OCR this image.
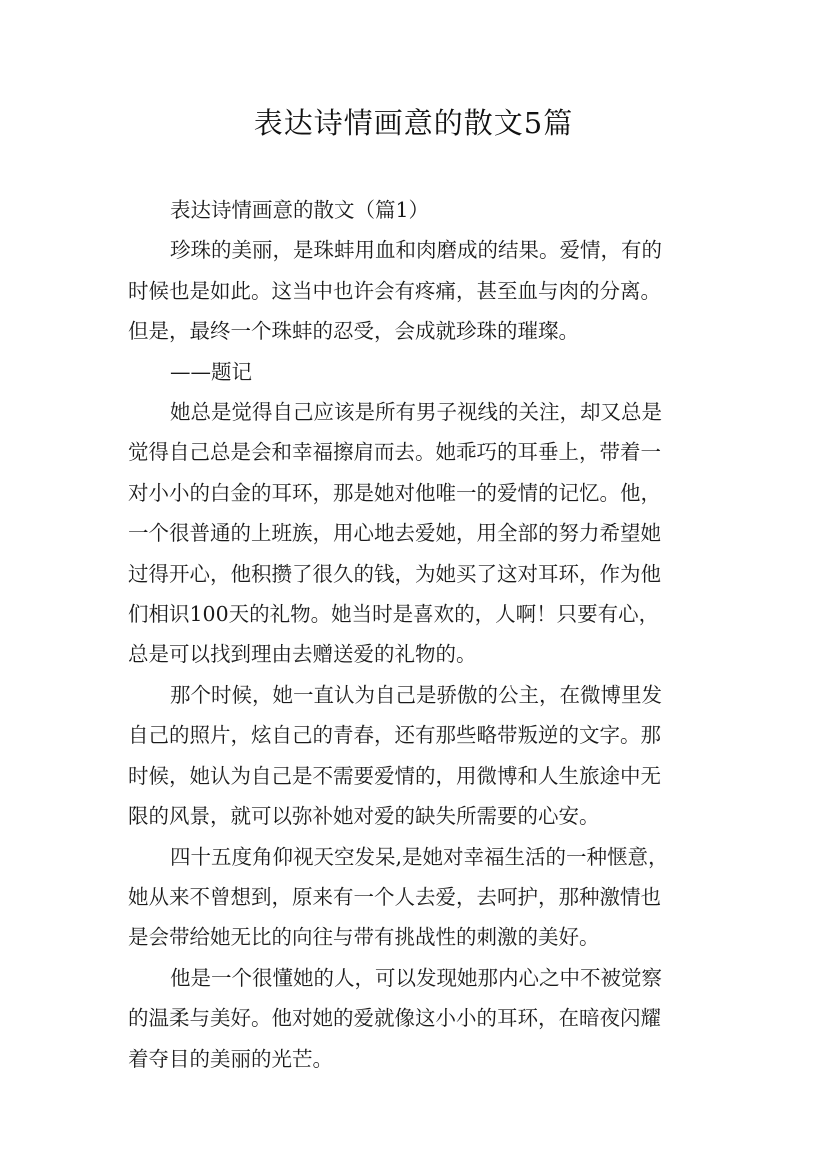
表达诗情画意的散文5篇
表达诗情画意的散文（篇1）
珍珠的美丽，是珠蚌用血和肉磨成的结果。爱情，有的
时候也是如此。这当中也许会有疼痛，甚至血与肉的分离。
但是，最终一个珠蚌的忍受，会成就珍珠的璀璨。
——题记
她总是觉得自己应该是所有男子视线的关注，却又总是
觉得自己总是会和幸福擦肩而去。她乖巧的耳垂上，带着一
对小小的白金的耳环，那是她对他唯一的爱情的记忆。他，
一个很普通的上班族，用心地去爱她，用全部的努力希望她
过得开心，他积攒了很久的钱，为她买了这对耳环，作为他
们相识100天的礼物。她当时是喜欢的，人啊！只要有心，
总是可以找到理由去赠送爱的礼物的。
那个时候，她一直认为自己是骄傲的公主，在微博里发
自己的照片，炫自己的青春，还有那些略带叛逆的文字。那
时候，她认为自己是不需要爱情的，用微博和人生旅途中无
限的风景，就可以弥补她对爱的缺失所需要的心安。
四十五度角仰视天空发呆,是她对幸福生活的一种惬意，
她从来不曾想到，原来有一个人去爱，去呵护，那种激情也
是会带给她无比的向往与带有挑战性的刺激的美好。
他是一个很懂她的人，可以发现她那内心之中不被觉察
的温柔与美好。他对她的爱就像这小小的耳环，在暗夜闪耀
着夺目的美丽的光芒。
